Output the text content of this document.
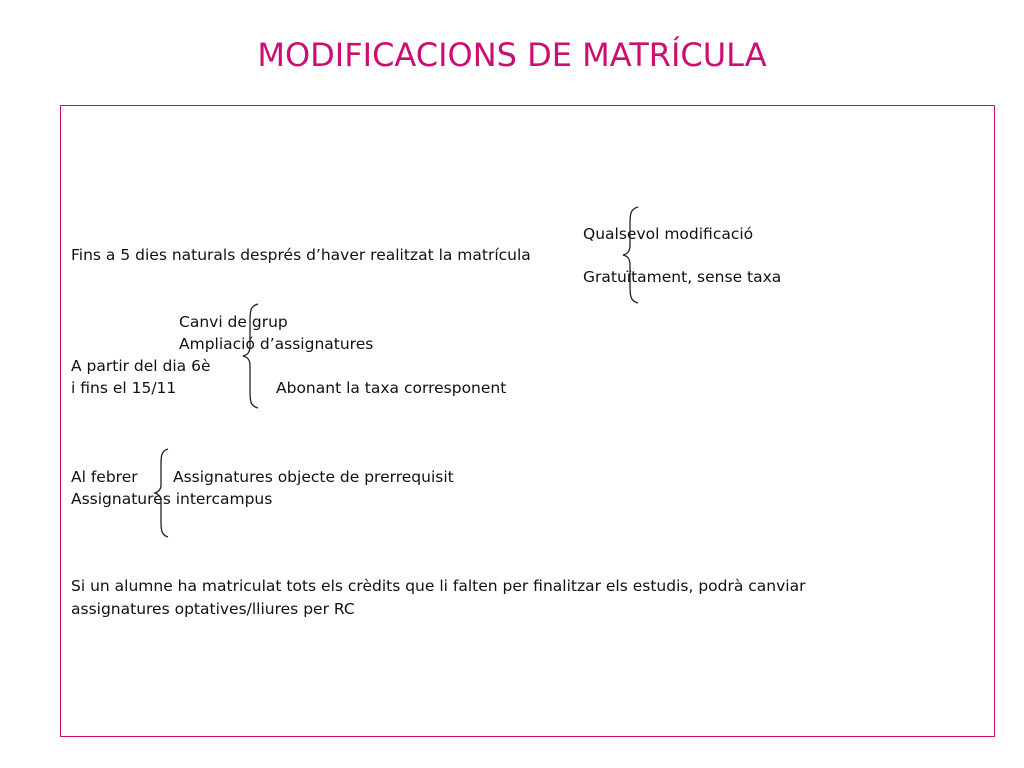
MODIFICACIONS DE MATRÍCULA
Qualsevol modificació
Fins a 5 dies naturals després d’haver realitzat la matrícula
Gratuïtament, sense taxa
Canvi de grup
Ampliació d’assignatures
A partir del dia 6è
i fins el 15/11	Abonant la taxa corresponent
Al febrer Assignatures objecte de prerrequisit
Assignatures intercampus
Si un alumne ha matriculat tots els crèdits que li falten per finalitzar els estudis, podrà canviar
assignatures optatives/lliures per RC
